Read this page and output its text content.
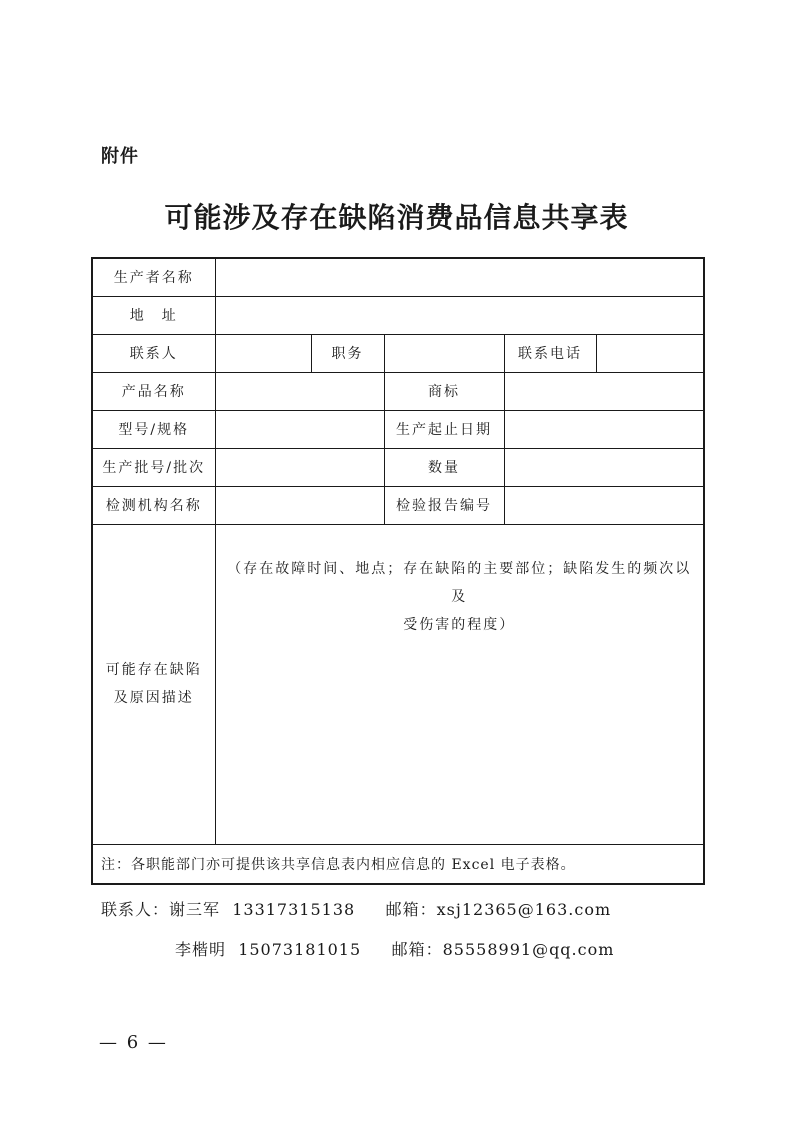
附件
可能涉及存在缺陷消费品信息共享表
生产者名称					
地　址					
联系人		职务		联系电话	
产品名称			商标		
型号/规格			生产起止日期		
生产批号/批次			数量		
检测机构名称			检验报告编号		
可能存在缺陷
及原因描述	（存在故障时间、地点；存在缺陷的主要部位；缺陷发生的频次以及
受伤害的程度）				
注：各职能部门亦可提供该共享信息表内相应信息的 Excel 电子表格。					
联系人：谢三军 13317315138 邮箱：xsj12365@163.com
李楷明 15073181015 邮箱：85558991@qq.com
— 6 —
